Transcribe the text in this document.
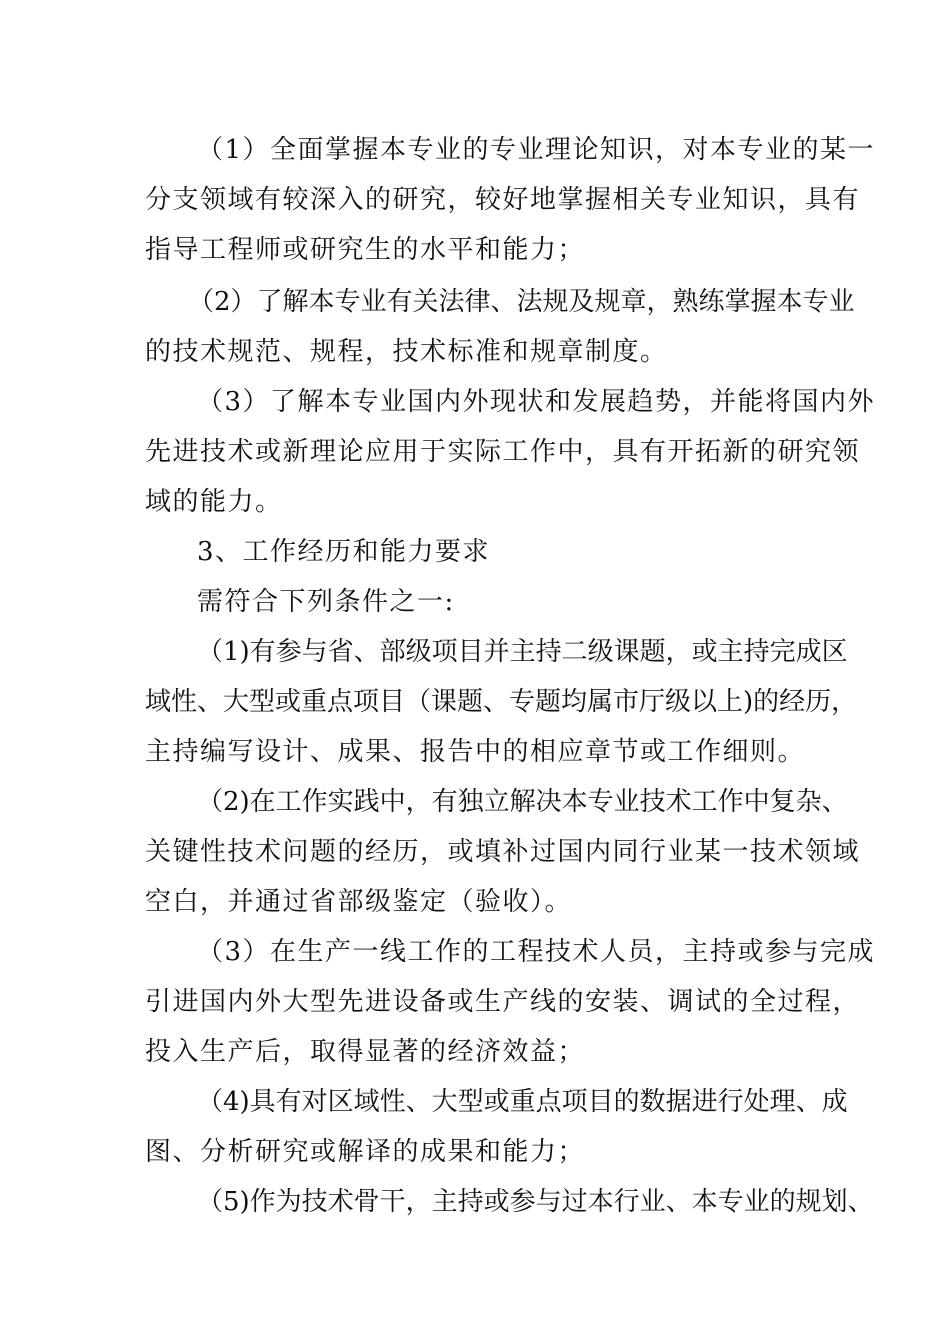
（1）全面掌握本专业的专业理论知识，对本专业的某一
分支领域有较深入的研究，较好地掌握相关专业知识，具有
指导工程师或研究生的水平和能力；
（2）了解本专业有关法律、法规及规章，熟练掌握本专业
的技术规范、规程，技术标准和规章制度。
（3）了解本专业国内外现状和发展趋势，并能将国内外
先进技术或新理论应用于实际工作中，具有开拓新的研究领
域的能力。
3、工作经历和能力要求
需符合下列条件之一:
（1)有参与省、部级项目并主持二级课题，或主持完成区
域性、大型或重点项目（课题、专题均属市厅级以上)的经历，
主持编写设计、成果、报告中的相应章节或工作细则。
（2)在工作实践中，有独立解决本专业技术工作中复杂、
关键性技术问题的经历，或填补过国内同行业某一技术领域
空白，并通过省部级鉴定（验收）。
（3）在生产一线工作的工程技术人员，主持或参与完成
引进国内外大型先进设备或生产线的安装、调试的全过程，
投入生产后，取得显著的经济效益；
（4)具有对区域性、大型或重点项目的数据进行处理、成
图、分析研究或解译的成果和能力；
（5)作为技术骨干，主持或参与过本行业、本专业的规划、
